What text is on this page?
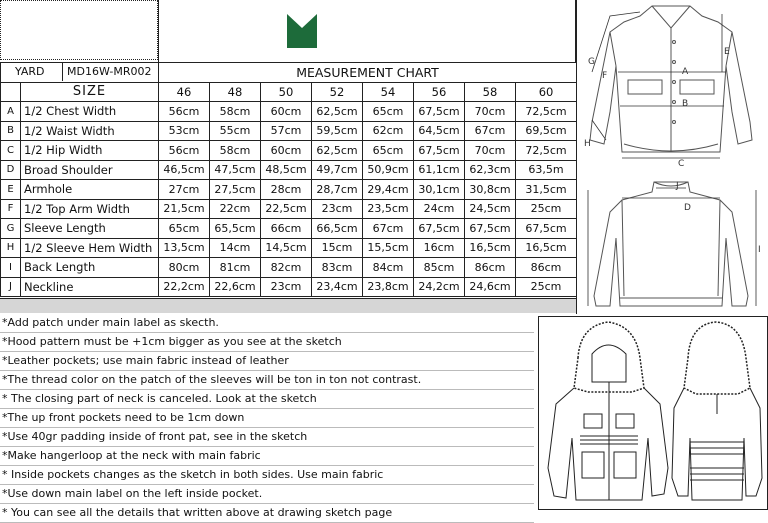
YARD MD16W-MR002		MEASUREMENT CHART							
	SIZE	46	48	50	52	54	56	58	60
A	1/2 Chest Width	56cm	58cm	60cm	62,5cm	65cm	67,5cm	70cm	72,5cm
B	1/2 Waist Width	53cm	55cm	57cm	59,5cm	62cm	64,5cm	67cm	69,5cm
C	1/2 Hip Width	56cm	58cm	60cm	62,5cm	65cm	67,5cm	70cm	72,5cm
D	Broad Shoulder	46,5cm	47,5cm	48,5cm	49,7cm	50,9cm	61,1cm	62,3cm	63,5m
E	Armhole	27cm	27,5cm	28cm	28,7cm	29,4cm	30,1cm	30,8cm	31,5cm
F	1/2 Top Arm Width	21,5cm	22cm	22,5cm	23cm	23,5cm	24cm	24,5cm	25cm
G	Sleeve Length	65cm	65,5cm	66cm	66,5cm	67cm	67,5cm	67,5cm	67,5cm
H	1/2 Sleeve Hem Width	13,5cm	14cm	14,5cm	15cm	15,5cm	16cm	16,5cm	16,5cm
I	Back Length	80cm	81cm	82cm	83cm	84cm	85cm	86cm	86cm
J	Neckline	22,2cm	22,6cm	23cm	23,4cm	23,8cm	24,2cm	24,6cm	25cm
*Add patch under main label as skecth.
*Hood pattern must be +1cm bigger as you see at the sketch
*Leather pockets; use main fabric instead of leather
*The thread color on the patch of the sleeves will be ton in ton not contrast.
* The closing part of neck is canceled. Look at the sketch
*The up front pockets need to be 1cm down
*Use 40gr padding inside of front pat, see in the sketch
*Make hangerloop at the neck with main fabric
* Inside pockets changes as the sketch in both sides. Use main fabric
*Use down main label on the left inside pocket.
* You can see all the details that written above at drawing sketch page
G
F	A
E
B
H
C
J
D
I
